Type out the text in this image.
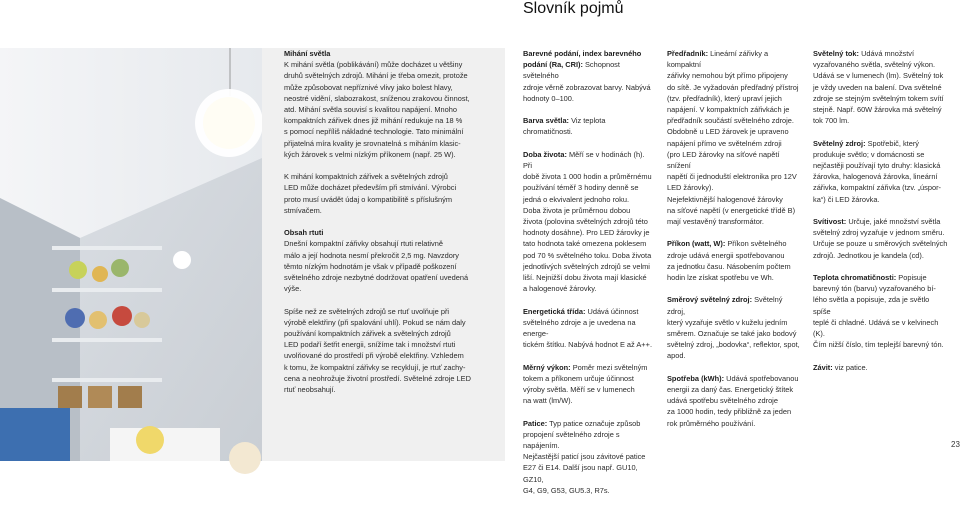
Slovník pojmů

Mihání světla
K mihání světla (poblikávání) může docházet u většiny
druhů světelných zdrojů. Mihání je třeba omezit, protože
může způsobovat nepříznivé vlivy jako bolest hlavy,
neostré vidění, slabozrakost, sníženou zrakovou činnost,
atd. Mihání světla souvisí s kvalitou napájení. Mnoho
kompaktních zářivek dnes již mihání redukuje na 18 %
s pomocí nepříliš nákladné technologie. Tato minimální
přijatelná míra kvality je srovnatelná s miháním klasic-
kých žárovek s velmi nízkým příkonem (např. 25 W).

K mihání kompaktních zářivek a světelných zdrojů
LED může docházet především při stmívání. Výrobci
proto musí uvádět údaj o kompatibilitě s příslušným
stmívačem.

Obsah rtuti
Dnešní kompaktní zářivky obsahují rtuti relativně
málo a její hodnota nesmí překročit 2,5 mg. Navzdory
těmto nízkým hodnotám je však v případě poškození
světelného zdroje nezbytné dodržovat opatření uvedená
výše.

Spíše než ze světelných zdrojů se rtuť uvolňuje při
výrobě elektřiny (při spalování uhlí). Pokud se nám daly
používání kompaktních zářivek a světelných zdrojů
LED podaří šetřit energii, snížíme tak i množství rtuti
uvolňované do prostředí při výrobě elektřiny. Vzhledem
k tomu, že kompaktní zářivky se recyklují, je rtuť zachy-
cena a neohrožuje životní prostředí. Světelné zdroje LED
rtuť neobsahují.

Barevné podání, index barevného
podání (Ra, CRI): Schopnost světelného
zdroje věrně zobrazovat barvy. Nabývá
hodnoty 0–100.

Barva světla: Viz teplota chromatičnosti.

Doba života: Měří se v hodinách (h). Při
době života 1 000 hodin a průměrnému
používání téměř 3 hodiny denně se
jedná o ekvivalent jednoho roku.
Doba života je průměrnou dobou
života (polovina světelných zdrojů této
hodnoty dosáhne). Pro LED žárovky je
tato hodnota také omezena poklesem
pod 70 % světelného toku. Doba života
jednotlivých světelných zdrojů se velmi
liší. Nejnižší dobu života mají klasické
a halogenové žárovky.

Energetická třída: Udává účinnost
světelného zdroje a je uvedena na energe-
tickém štítku. Nabývá hodnot E až A++.

Měrný výkon: Poměr mezi světelným
tokem a příkonem určuje účinnost
výroby světla. Měří se v lumenech
na watt (lm/W).

Patice: Typ patice označuje způsob
propojení světelného zdroje s napájením.
Nejčastější paticí jsou závitové patice
E27 či E14. Další jsou např. GU10, GZ10,
G4, G9, G53, GU5.3, R7s.

Předřadník: Lineární zářivky a kompaktní
zářivky nemohou být přímo připojeny
do sítě. Je vyžadován předřadný přístroj
(tzv. předřadník), který upraví jejich
napájení. V kompaktních zářivkách je
předřadník součástí světelného zdroje.
Obdobně u LED žárovek je upraveno
napájení přímo ve světelném zdroji
(pro LED žárovky na síťové napětí snížení
napětí či jednoduští elektronika pro 12V
LED žárovky).
Nejefektivnější halogenové žárovky
na síťové napětí (v energetické třídě B)
mají vestavěný transformátor.

Příkon (watt, W): Příkon světelného
zdroje udává energii spotřebovanou
za jednotku času. Násobením počtem
hodin lze získat spotřebu ve Wh.

Směrový světelný zdroj: Světelný zdroj,
který vyzařuje světlo v kuželu jedním
směrem. Označuje se také jako bodový
světelný zdroj, „bodovka“, reflektor, spot,
apod.

Spotřeba (kWh): Udává spotřebovanou
energii za daný čas. Energetický štítek
udává spotřebu světelného zdroje
za 1000 hodin, tedy přibližně za jeden
rok průměrného používání.

Světelný tok: Udává množství
vyzařovaného světla, světelný výkon.
Udává se v lumenech (lm). Světelný tok
je vždy uveden na balení. Dva světelné
zdroje se stejným světelným tokem svítí
stejně. Např. 60W žárovka má světelný
tok 700 lm.

Světelný zdroj: Spotřebič, který
produkuje světlo; v domácnosti se
nejčastěji používají tyto druhy: klasická
žárovka, halogenová žárovka, lineární
zářivka, kompaktní zářivka (tzv. „úspor-
ka“) či LED žárovka.

Svítivost: Určuje, jaké množství světla
světelný zdroj vyzařuje v jednom směru.
Určuje se pouze u směrových světelných
zdrojů. Jednotkou je kandela (cd).

Teplota chromatičnosti: Popisuje
barevný tón (barvu) vyzařovaného bí-
lého světla a popisuje, zda je světlo spíše
teplé či chladné. Udává se v kelvinech (K).
Čím nižší číslo, tím teplejší barevný tón.

Závit: viz patice.

23
